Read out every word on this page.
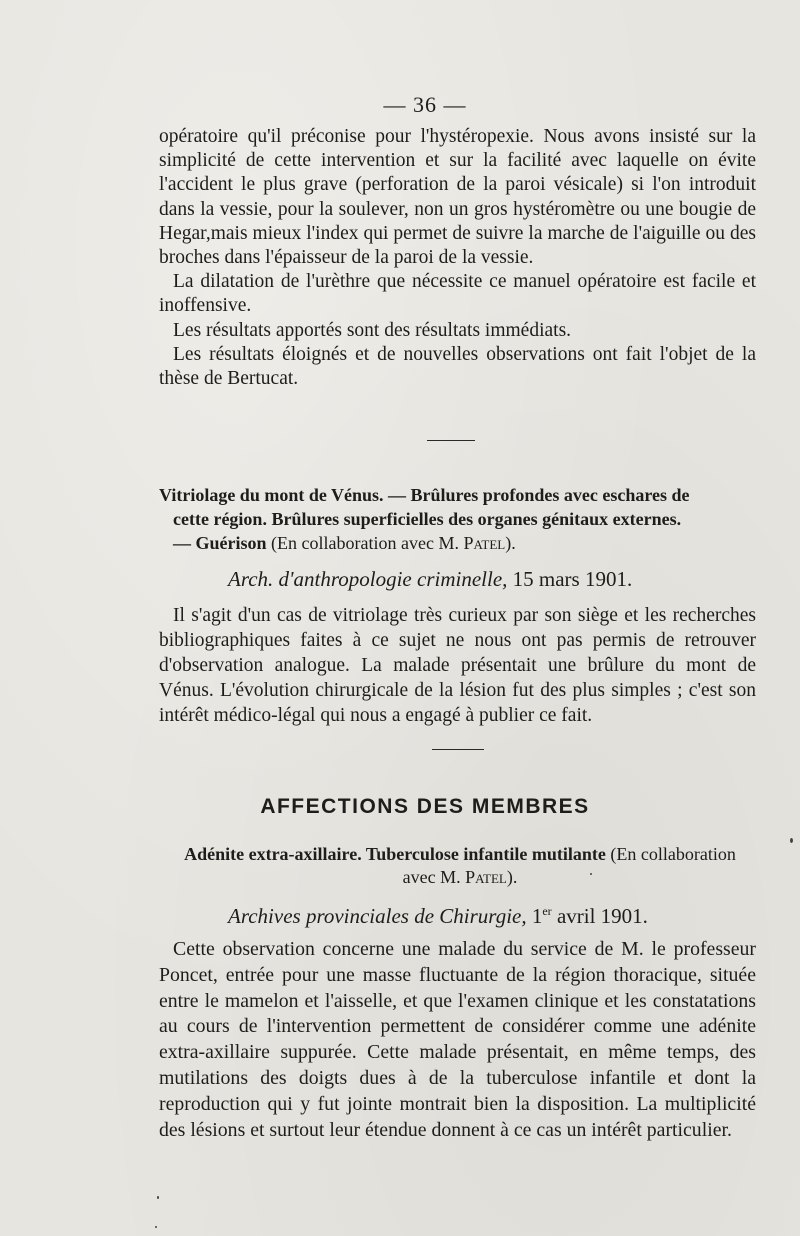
— 36 —

opératoire qu'il préconise pour l'hystéropexie. Nous avons insisté sur la simplicité de cette intervention et sur la facilité avec laquelle on évite l'accident le plus grave (perforation de la paroi vésicale) si l'on introduit dans la vessie, pour la soulever, non un gros hystéromètre ou une bougie de Hegar,mais mieux l'index qui permet de suivre la marche de l'aiguille ou des broches dans l'épaisseur de la paroi de la vessie.

La dilatation de l'urèthre que nécessite ce manuel opératoire est facile et inoffensive.

Les résultats apportés sont des résultats immédiats.

Les résultats éloignés et de nouvelles observations ont fait l'objet de la thèse de Bertucat.

Vitriolage du mont de Vénus. — Brûlures profondes avec eschares de
cette région. Brûlures superficielles des organes génitaux externes.
— Guérison (En collaboration avec M. Patel).

Arch. d'anthropologie criminelle, 15 mars 1901.

Il s'agit d'un cas de vitriolage très curieux par son siège et les recherches bibliographiques faites à ce sujet ne nous ont pas permis de retrouver d'observation analogue. La malade présentait une brûlure du mont de Vénus. L'évolution chirurgicale de la lésion fut des plus simples ; c'est son intérêt médico-légal qui nous a engagé à publier ce fait.

AFFECTIONS DES MEMBRES

Adénite extra-axillaire. Tuberculose infantile mutilante (En collaboration avec M. Patel).

Archives provinciales de Chirurgie, 1er avril 1901.

Cette observation concerne une malade du service de M. le professeur Poncet, entrée pour une masse fluctuante de la région thoracique, située entre le mamelon et l'aisselle, et que l'examen clinique et les constatations au cours de l'intervention permettent de considérer comme une adénite extra-axillaire suppurée. Cette malade présentait, en même temps, des mutilations des doigts dues à de la tuberculose infantile et dont la reproduction qui y fut jointe montrait bien la disposition. La multiplicité des lésions et surtout leur étendue donnent à ce cas un intérêt particulier.
